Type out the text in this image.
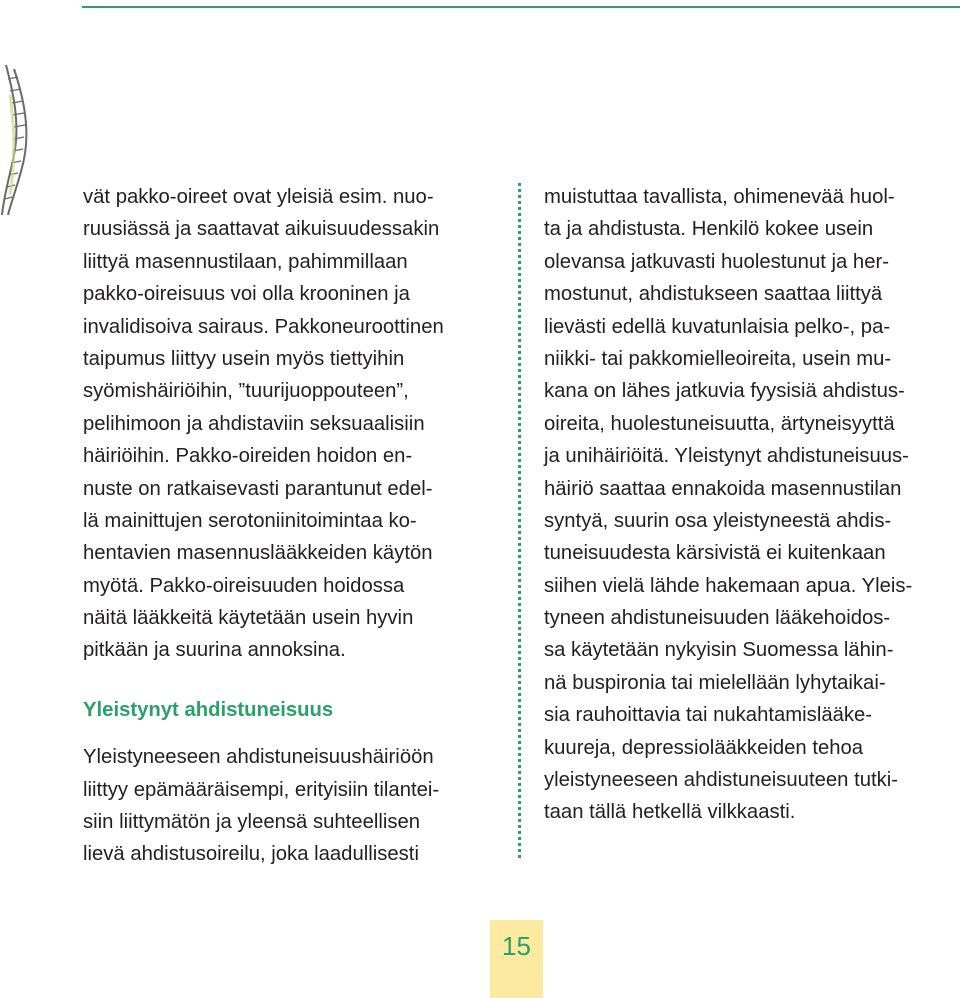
vät pakko-oireet ovat yleisiä esim. nuo-
ruusiässä ja saattavat aikuisuudessakin
liittyä masennustilaan, pahimmillaan
pakko-oireisuus voi olla krooninen ja
invalidisoiva sairaus. Pakkoneuroottinen
taipumus liittyy usein myös tiettyihin
syömishäiriöihin, ”tuurijuoppouteen”,
pelihimoon ja ahdistaviin seksuaalisiin
häiriöihin. Pakko-oireiden hoidon en-
nuste on ratkaisevasti parantunut edel-
lä mainittujen serotoniinitoimintaa ko-
hentavien masennuslääkkeiden käytön
myötä. Pakko-oireisuuden hoidossa
näitä lääkkeitä käytetään usein hyvin
pitkään ja suurina annoksina.
Yleistynyt ahdistuneisuus
Yleistyneeseen ahdistuneisuushäiriöön
liittyy epämääräisempi, erityisiin tilantei-
siin liittymätön ja yleensä suhteellisen
lievä ahdistusoireilu, joka laadullisesti
muistuttaa tavallista, ohimenevää huol-
ta ja ahdistusta. Henkilö kokee usein
olevansa jatkuvasti huolestunut ja her-
mostunut, ahdistukseen saattaa liittyä
lievästi edellä kuvatunlaisia pelko-, pa-
niikki- tai pakkomielleoireita, usein mu-
kana on lähes jatkuvia fyysisiä ahdistus-
oireita, huolestuneisuutta, ärtyneisyyttä
ja unihäiriöitä. Yleistynyt ahdistuneisuus-
häiriö saattaa ennakoida masennustilan
syntyä, suurin osa yleistyneestä ahdis-
tuneisuudesta kärsivistä ei kuitenkaan
siihen vielä lähde hakemaan apua. Yleis-
tyneen ahdistuneisuuden lääkehoidos-
sa käytetään nykyisin Suomessa lähin-
nä buspironia tai mielellään lyhytaikai-
sia rauhoittavia tai nukahtamislääke-
kuureja, depressiolääkkeiden tehoa
yleistyneeseen ahdistuneisuuteen tutki-
taan tällä hetkellä vilkkaasti.
15
